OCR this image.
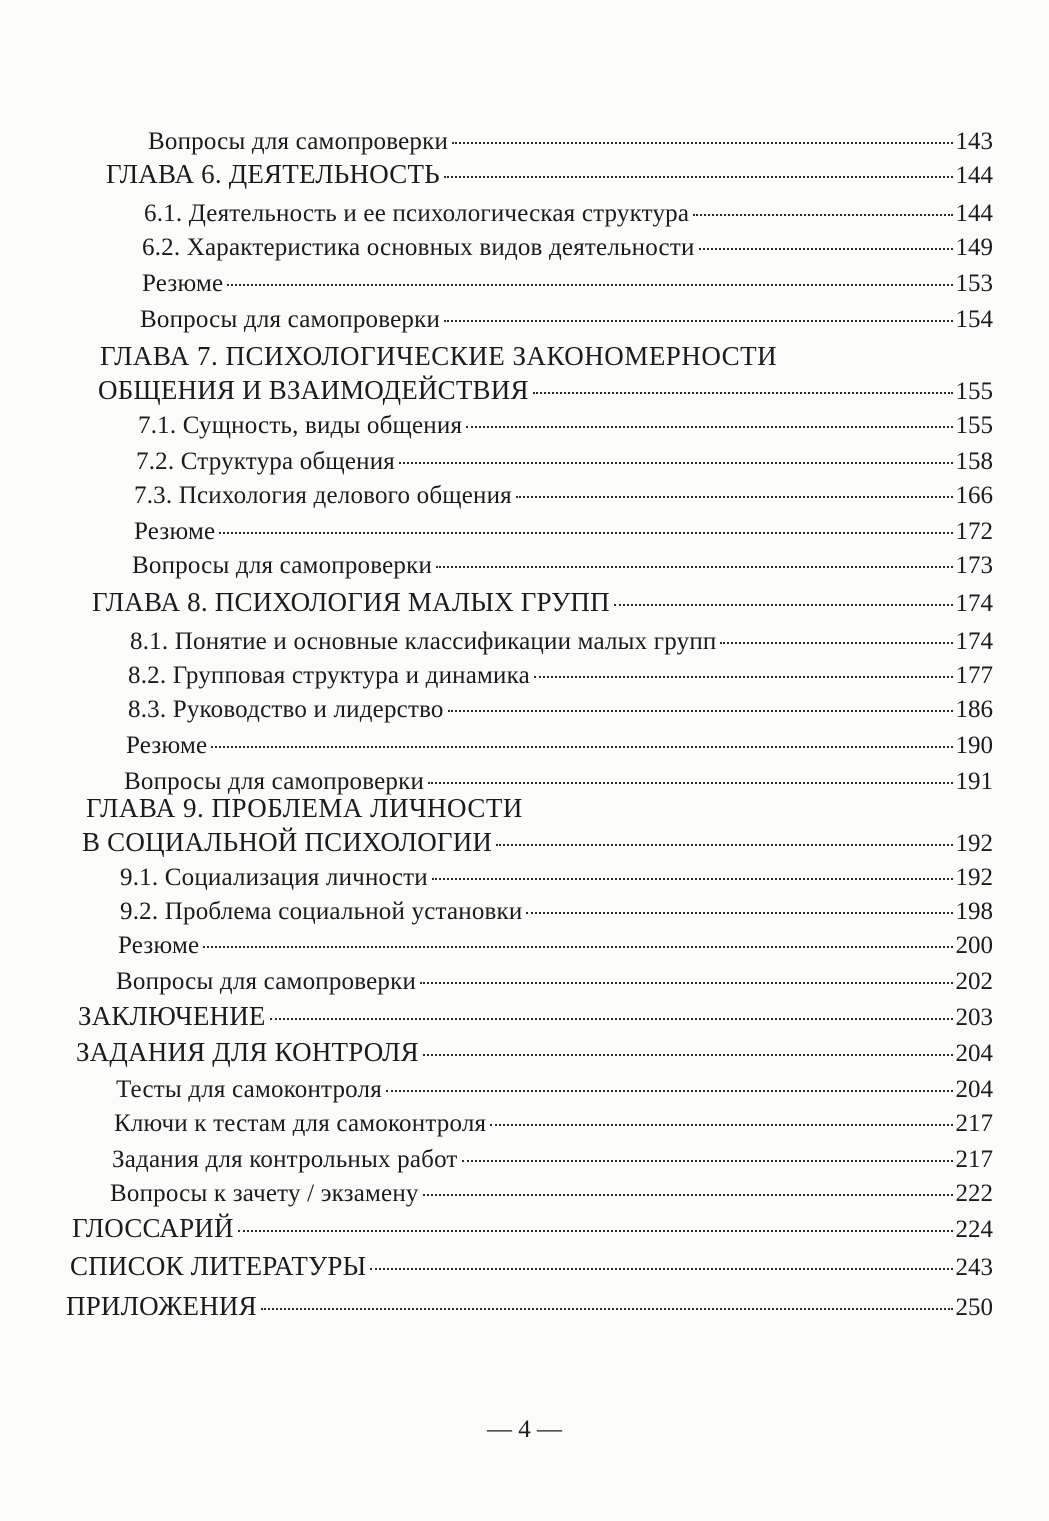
Вопросы для самопроверки	143
ГЛАВА 6. ДЕЯТЕЛЬНОСТЬ	144
6.1. Деятельность и ее психологическая структура	144
6.2. Характеристика основных видов деятельности	149
Резюме	153
Вопросы для самопроверки	154
ГЛАВА 7. ПСИХОЛОГИЧЕСКИЕ ЗАКОНОМЕРНОСТИ
ОБЩЕНИЯ И ВЗАИМОДЕЙСТВИЯ	155
7.1. Сущность, виды общения	155
7.2. Структура общения	158
7.3. Психология делового общения	166
Резюме	172
Вопросы для самопроверки	173
ГЛАВА 8. ПСИХОЛОГИЯ МАЛЫХ ГРУПП	174
8.1. Понятие и основные классификации малых групп	174
8.2. Групповая структура и динамика	177
8.3. Руководство и лидерство	186
Резюме	190
Вопросы для самопроверки	191
ГЛАВА 9. ПРОБЛЕМА ЛИЧНОСТИ
В СОЦИАЛЬНОЙ ПСИХОЛОГИИ	192
9.1. Социализация личности	192
9.2. Проблема социальной установки	198
Резюме	200
Вопросы для самопроверки	202
ЗАКЛЮЧЕНИЕ	203
ЗАДАНИЯ ДЛЯ КОНТРОЛЯ	204
Тесты для самоконтроля	204
Ключи к тестам для самоконтроля	217
Задания для контрольных работ	217
Вопросы к зачету / экзамену	222
ГЛОССАРИЙ	224
СПИСОК ЛИТЕРАТУРЫ	243
ПРИЛОЖЕНИЯ	250
— 4 —
